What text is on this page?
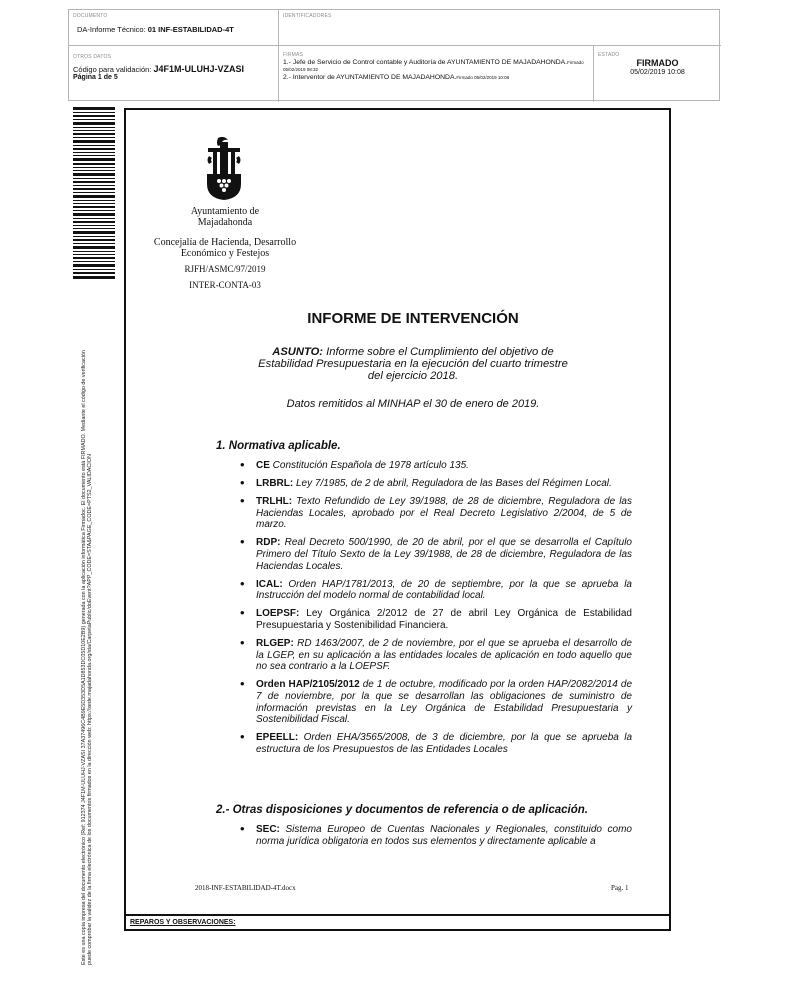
DOCUMENTO
DA-Informe Técnico: 01 INF-ESTABILIDAD-4T
IDENTIFICADORES
OTROS DATOS
Código para validación: J4F1M-ULUHJ-VZASI
Página 1 de 5
FIRMAS
1.- Jefe de Servicio de Control contable y Auditoría de AYUNTAMIENTO DE MAJADAHONDA.Firmado 05/02/2019 08:32
2.- Interventor de AYUNTAMIENTO DE MAJADAHONDA.Firmado 05/02/2019 10:08
ESTADO
FIRMADO
05/02/2019 10:08
Este es una copia impresa del documento electrónico (Ref: 912374 J4F1M-ULUHJ-VZASI 37A37496C4B9E5D353D5A1D853DC05D10E2B9) generada con la aplicación informática Firmadoc. El documento está FIRMADO. Mediante el código de verificación puede comprobar la validez de la firma electrónica de los documentos firmados en la dirección web: https://sede.majadahonda.org/sta/CarpetaPublic/doEvent?APP_CODE=STA&PAGE_CODE=PTS2_VALIDACION
Ayuntamiento de Majadahonda
Concejalía de Hacienda, Desarrollo Económico y Festejos
RJFH/ASMC/97/2019
INTER-CONTA-03
INFORME DE INTERVENCIÓN
ASUNTO: Informe sobre el Cumplimiento del objetivo de Estabilidad Presupuestaria en la ejecución del cuarto trimestre del ejercicio 2018.
Datos remitidos al MINHAP el 30 de enero de 2019.
1. Normativa aplicable.
• CE Constitución Española de 1978 artículo 135.
• LRBRL: Ley 7/1985, de 2 de abril, Reguladora de las Bases del Régimen Local.
• TRLHL: Texto Refundido de Ley 39/1988, de 28 de diciembre, Reguladora de las Haciendas Locales, aprobado por el Real Decreto Legislativo 2/2004, de 5 de marzo.
• RDP: Real Decreto 500/1990, de 20 de abril, por el que se desarrolla el Capítulo Primero del Título Sexto de la Ley 39/1988, de 28 de diciembre, Reguladora de las Haciendas Locales.
• ICAL: Orden HAP/1781/2013, de 20 de septiembre, por la que se aprueba la Instrucción del modelo normal de contabilidad local.
• LOEPSF: Ley Orgánica 2/2012 de 27 de abril Ley Orgánica de Estabilidad Presupuestaria y Sostenibilidad Financiera.
• RLGEP: RD 1463/2007, de 2 de noviembre, por el que se aprueba el desarrollo de la LGEP, en su aplicación a las entidades locales de aplicación en todo aquello que no sea contrario a la LOEPSF.
• Orden HAP/2105/2012 de 1 de octubre, modificado por la orden HAP/2082/2014 de 7 de noviembre, por la que se desarrollan las obligaciones de suministro de información previstas en la Ley Orgánica de Estabilidad Presupuestaria y Sostenibilidad Fiscal.
• EPEELL: Orden EHA/3565/2008, de 3 de diciembre, por la que se aprueba la estructura de los Presupuestos de las Entidades Locales
2.- Otras disposiciones y documentos de referencia o de aplicación.
• SEC: Sistema Europeo de Cuentas Nacionales y Regionales, constituido como norma jurídica obligatoria en todos sus elementos y directamente aplicable a
2018-INF-ESTABILIDAD-4T.docx	Pag. 1
REPAROS Y OBSERVACIONES:
